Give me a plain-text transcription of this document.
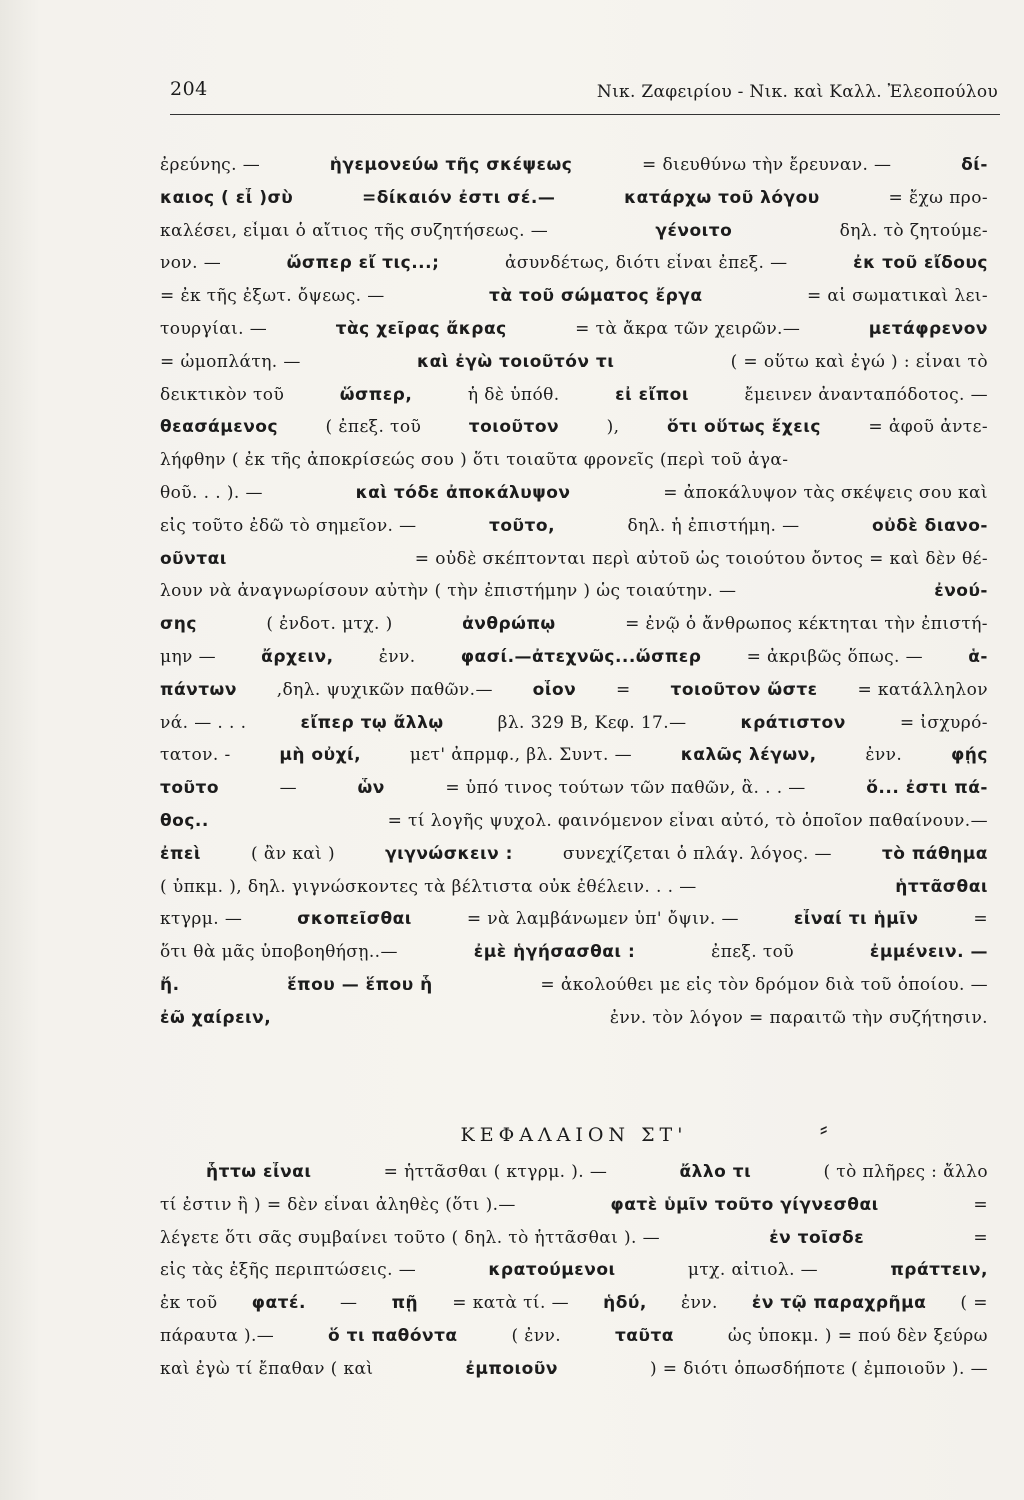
204	Νικ. Ζαφειρίου - Νικ. καὶ Καλλ. Ἐλεοπούλου
ἐρεύνης. —	ἡγεμονεύω τῆς σκέψεως	= διευθύνω τὴν ἔρευναν. —	δί-
καιος ( εἶ )σὺ	=δίκαιόν ἐστι σέ.—	κατάρχω τοῦ λόγου	= ἔχω προ-
καλέσει, εἶμαι ὁ αἴτιος τῆς συζητήσεως. —	γένοιτο	δηλ. τὸ ζητούμε-
νον. —	ὥσπερ εἴ τις...;	ἀσυνδέτως, διότι εἶναι ἐπεξ. —	ἐκ τοῦ εἴδους
= ἐκ τῆς ἐξωτ. ὄψεως. —	τὰ τοῦ σώματος ἔργα	= αἱ σωματικαὶ λει-
τουργίαι. —	τὰς χεῖρας ἄκρας	= τὰ ἄκρα τῶν χειρῶν.—	μετάφρενον
= ὠμοπλάτη. —	καὶ ἐγὼ τοιοῦτόν τι	( = οὕτω καὶ ἐγώ ) : εἶναι τὸ
δεικτικὸν τοῦ	ὥσπερ,	ἡ δὲ ὑπόθ.	εἰ εἴποι	ἔμεινεν ἀνανταπόδοτος. —
θεασάμενος	( ἐπεξ. τοῦ	τοιοῦτον	),	ὅτι οὕτως ἔχεις	= ἀφοῦ ἀντε-
λήφθην ( ἐκ τῆς ἀποκρίσεώς σου ) ὅτι τοιαῦτα φρονεῖς (περὶ τοῦ ἀγα-
θοῦ. . . ). —	καὶ τόδε ἀποκάλυψον	= ἀποκάλυψον τὰς σκέψεις σου καὶ
εἰς τοῦτο ἐδῶ τὸ σημεῖον. —	τοῦτο,	δηλ. ἡ ἐπιστήμη. —	οὐδὲ διανο-
οῦνται	= οὐδὲ σκέπτονται περὶ αὐτοῦ ὡς τοιούτου ὄντος = καὶ δὲν θέ-
λουν νὰ ἀναγνωρίσουν αὐτὴν ( τὴν ἐπιστήμην ) ὡς τοιαύτην. —	ἐνού-
σης	( ἐνδοτ. μτχ. )	ἀνθρώπῳ	= ἐνῷ ὁ ἄνθρωπος κέκτηται τὴν ἐπιστή-
μην —	ἄρχειν,	ἐνν.	φασί.—ἀτεχνῶς...ὥσπερ	= ἀκριβῶς ὅπως. —	ἁ-
πάντων ,δηλ. ψυχικῶν παθῶν.— οἷον = τοιοῦτον ὥστε = κατάλληλον
νά. — . . .	εἴπερ τῳ ἄλλῳ	βλ. 329 B, Κεφ. 17.—	κράτιστον	= ἰσχυρό-
τατον. -	μὴ οὐχί,	μετ' ἀπρμφ., βλ. Συντ. —	καλῶς λέγων,	ἐνν.	φῄς
τοῦτο	—	ὧν	= ὑπό τινος τούτων τῶν παθῶν, ἃ. . . —	ὅ... ἐστι πά-
θος..	= τί λογῆς ψυχολ. φαινόμενον εἶναι αὐτό, τὸ ὁποῖον παθαίνουν.—
ἐπεὶ	( ἂν καὶ )	γιγνώσκειν :	συνεχίζεται ὁ πλάγ. λόγος. —	τὸ πάθημα
( ὑπκμ. ), δηλ. γιγνώσκοντες τὰ βέλτιστα οὐκ ἐθέλειν. . . —	ἡττᾶσθαι
κτγρμ. —	σκοπεῖσθαι	= νὰ λαμβάνωμεν ὑπ' ὄψιν. —	εἶναί τι ἡμῖν	=
ὅτι θὰ μᾶς ὑποβοηθήσῃ..—	ἐμὲ ἡγήσασθαι :	ἐπεξ. τοῦ	ἐμμένειν. —
ἤ.	ἕπου — ἕπου ἧ	= ἀκολούθει με εἰς τὸν δρόμον διὰ τοῦ ὁποίου. —
ἐῶ χαίρειν,	ἐνν. τὸν λόγον = παραιτῶ τὴν συζήτησιν.
ΚΕΦΑΛΑΙΟΝ ΣΤ'	⸗
ἧττω εἶναι	= ἡττᾶσθαι ( κτγρμ. ). —	ἄλλο τι	( τὸ πλῆρες : ἄλλο
τί ἐστιν ἢ ) = δὲν εἶναι ἀληθὲς (ὅτι ).—	φατὲ ὑμῖν τοῦτο γίγνεσθαι	=
λέγετε ὅτι σᾶς συμβαίνει τοῦτο ( δηλ. τὸ ἡττᾶσθαι ). —	ἐν τοῖσδε	=
εἰς τὰς ἑξῆς περιπτώσεις. —	κρατούμενοι	μτχ. αἰτιολ. —	πράττειν,
ἐκ τοῦ φατέ. — πῇ = κατὰ τί. — ἡδύ, ἐνν. ἐν τῷ παραχρῆμα ( =
πάραυτα ).—	ὅ τι παθόντα	( ἐνν.	ταῦτα	ὡς ὑποκμ. ) = πού δὲν ξεύρω
καὶ ἐγὼ τί ἔπαθαν ( καὶ	ἐμποιοῦν	) = διότι ὁπωσδήποτε ( ἐμποιοῦν ). —
